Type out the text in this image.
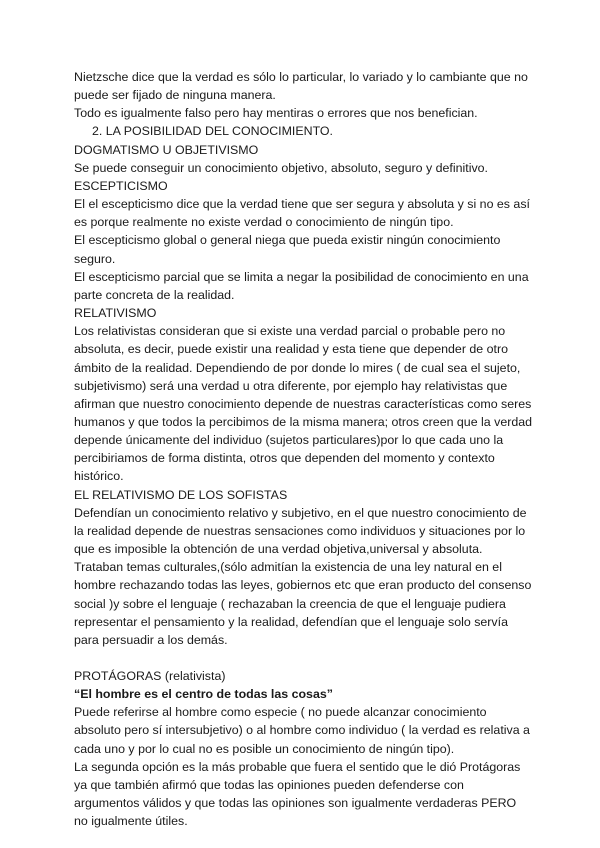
Nietzsche dice que la verdad es sólo lo particular, lo variado y lo cambiante que no puede ser fijado de ninguna manera.

Todo es igualmente falso pero hay mentiras o errores que nos benefician.

2. LA POSIBILIDAD DEL CONOCIMIENTO.

DOGMATISMO U OBJETIVISMO

Se puede conseguir un conocimiento objetivo, absoluto, seguro y definitivo.

ESCEPTICISMO

El el escepticismo dice que la verdad tiene que ser segura y absoluta y si no es así es porque realmente no existe verdad o conocimiento de ningún tipo.

El escepticismo global o general niega que pueda existir ningún conocimiento seguro.

El escepticismo parcial que se limita a negar la posibilidad de conocimiento en una parte concreta de la realidad.

RELATIVISMO

Los relativistas consideran que si existe una verdad parcial o probable pero no absoluta, es decir, puede existir una realidad y esta tiene que depender de otro ámbito de la realidad. Dependiendo de por donde lo mires ( de cual sea el sujeto, subjetivismo) será una verdad u otra diferente, por ejemplo hay relativistas que afirman que nuestro conocimiento depende de nuestras características como seres humanos y que todos la percibimos de la misma manera; otros creen que la verdad depende únicamente del individuo (sujetos particulares)por lo que cada uno la percibiriamos de forma distinta, otros que dependen del momento y contexto histórico.

EL RELATIVISMO DE LOS SOFISTAS

Defendían un conocimiento relativo y subjetivo, en el que nuestro conocimiento de la realidad depende de nuestras sensaciones como individuos y situaciones por lo que es imposible la obtención de una verdad objetiva,universal y absoluta. Trataban temas culturales,(sólo admitían la existencia de una ley natural en el hombre rechazando todas las leyes, gobiernos etc que eran producto del consenso social )y sobre el lenguaje ( rechazaban la creencia de que el lenguaje pudiera representar el pensamiento y la realidad, defendían que el lenguaje solo servía para persuadir a los demás.

PROTÁGORAS (relativista)

“El hombre es el centro de todas las cosas”

Puede referirse al hombre como especie ( no puede alcanzar conocimiento absoluto pero sí intersubjetivo) o al hombre como individuo ( la verdad es relativa a cada uno y por lo cual no es posible un conocimiento de ningún tipo).

La segunda opción es la más probable que fuera el sentido que le dió Protágoras ya que también afirmó que todas las opiniones pueden defenderse con argumentos válidos y que todas las opiniones son igualmente verdaderas PERO no igualmente útiles.
